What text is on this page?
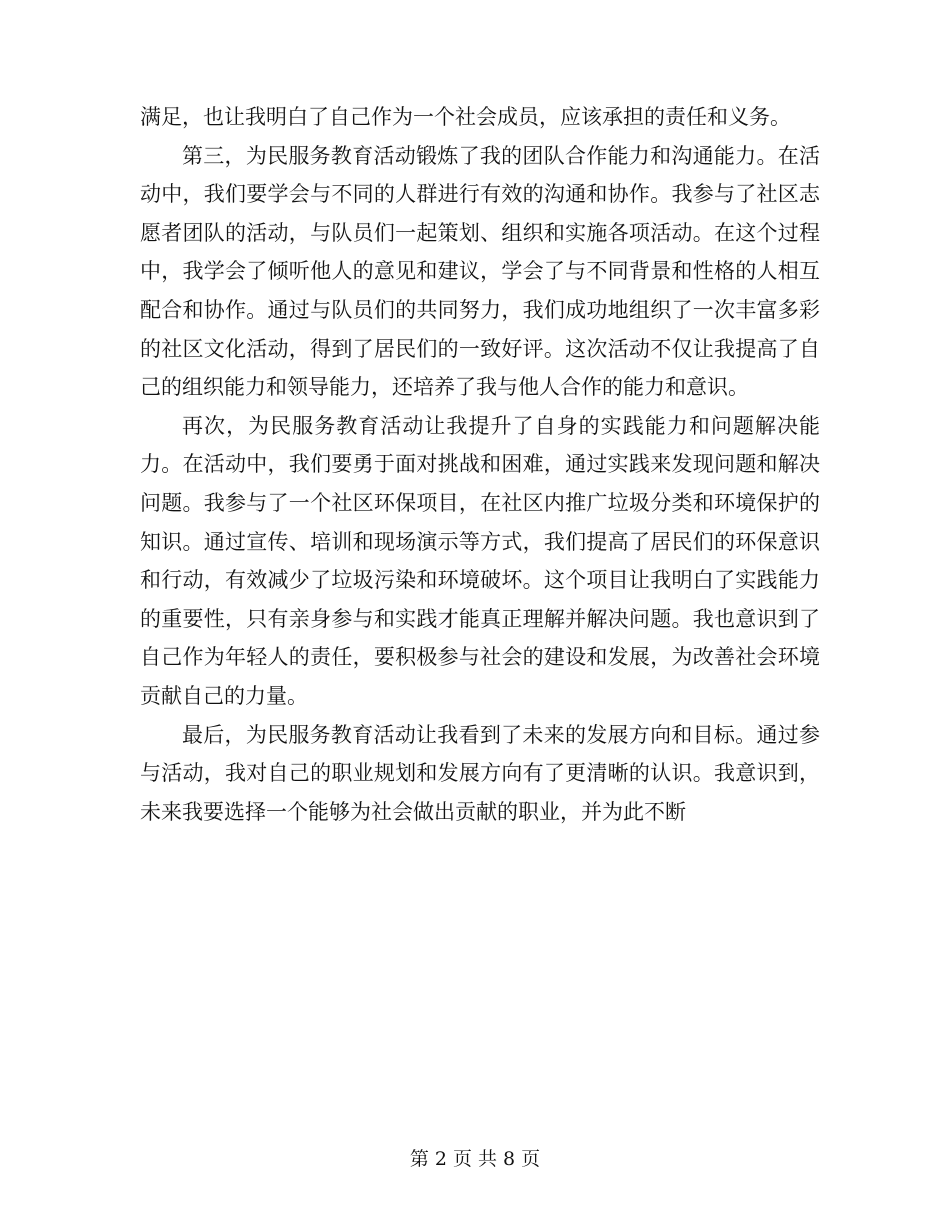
满足，也让我明白了自己作为一个社会成员，应该承担的责任和义务。

第三，为民服务教育活动锻炼了我的团队合作能力和沟通能力。在活动中，我们要学会与不同的人群进行有效的沟通和协作。我参与了社区志愿者团队的活动，与队员们一起策划、组织和实施各项活动。在这个过程中，我学会了倾听他人的意见和建议，学会了与不同背景和性格的人相互配合和协作。通过与队员们的共同努力，我们成功地组织了一次丰富多彩的社区文化活动，得到了居民们的一致好评。这次活动不仅让我提高了自己的组织能力和领导能力，还培养了我与他人合作的能力和意识。

再次，为民服务教育活动让我提升了自身的实践能力和问题解决能力。在活动中，我们要勇于面对挑战和困难，通过实践来发现问题和解决问题。我参与了一个社区环保项目，在社区内推广垃圾分类和环境保护的知识。通过宣传、培训和现场演示等方式，我们提高了居民们的环保意识和行动，有效减少了垃圾污染和环境破坏。这个项目让我明白了实践能力的重要性，只有亲身参与和实践才能真正理解并解决问题。我也意识到了自己作为年轻人的责任，要积极参与社会的建设和发展，为改善社会环境贡献自己的力量。

最后，为民服务教育活动让我看到了未来的发展方向和目标。通过参与活动，我对自己的职业规划和发展方向有了更清晰的认识。我意识到，未来我要选择一个能够为社会做出贡献的职业，并为此不断

第 2 页 共 8 页
